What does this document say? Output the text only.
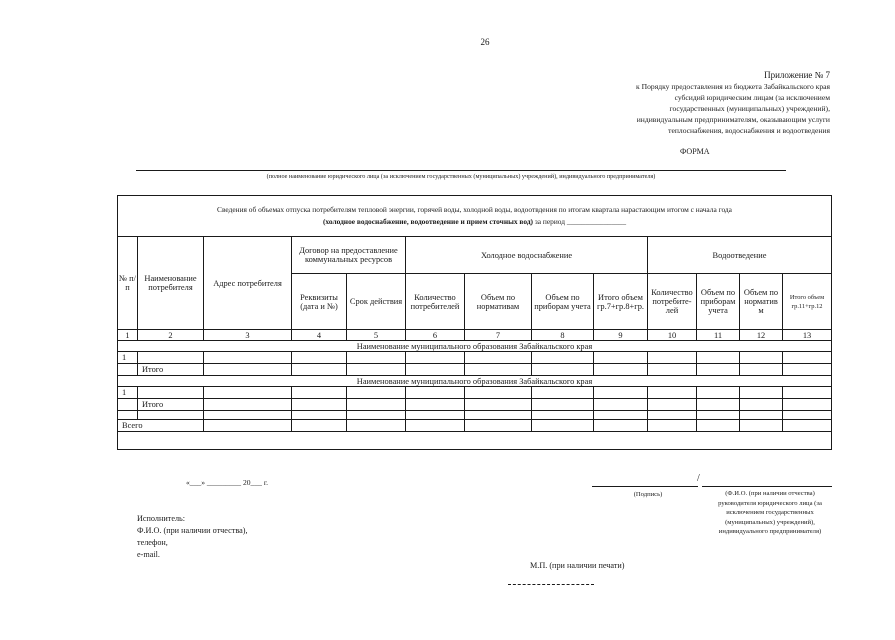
26
Приложение № 7
к Порядку предоставления из бюджета Забайкальского края
субсидий юридическим лицам (за исключением
государственных (муниципальных) учреждений),
индивидуальным предпринимателям, оказывающим услуги
теплоснабжения, водоснабжения и водоотведения
ФОРМА
(полное наименование юридического лица (за исключением государственных (муниципальных) учреждений), индивидуального предпринимателя)
Сведения об объемах отпуска потребителям тепловой энергии, горячей воды, холодной воды, водоотвдения по итогам квартала нарастающим итогом с начала года
(холодное водоснабжение, водоотведение и прием сточных вод) за период ________________
№ п/п	Наименование потребителя	Адрес потребителя	Договор на предоставление коммунальных ресурсов		Холодное водоснабжение				Водоотведение			
			Реквизиты (дата и №)	Срок действия	Количество потребителей	Объем по нормативам	Объем по приборам учета	Итого объем гр.7+гр.8+гр.	Количество потребите-лей	Объем по приборам учета	Объем по норматив м	Итого объем гр.11+гр.12
1	2	3	4	5	6	7	8	9	10	11	12	13
Наименование муниципального образования Забайкальского края												
1												
	Итого											
Наименование муниципального образования Забайкальского края												
1												
	Итого											

Всего												
«___» _________ 20___ г.
Исполнитель:
Ф.И.О. (при наличии отчества),
телефон,
e-mail.
/
(Подпись)	(Ф.И.О. (при наличии отчества)
руководителя юридического лица (за
исключением государственных
(муниципальных) учреждений),
индивидуального предпринимателя)
М.П. (при наличии печати)
